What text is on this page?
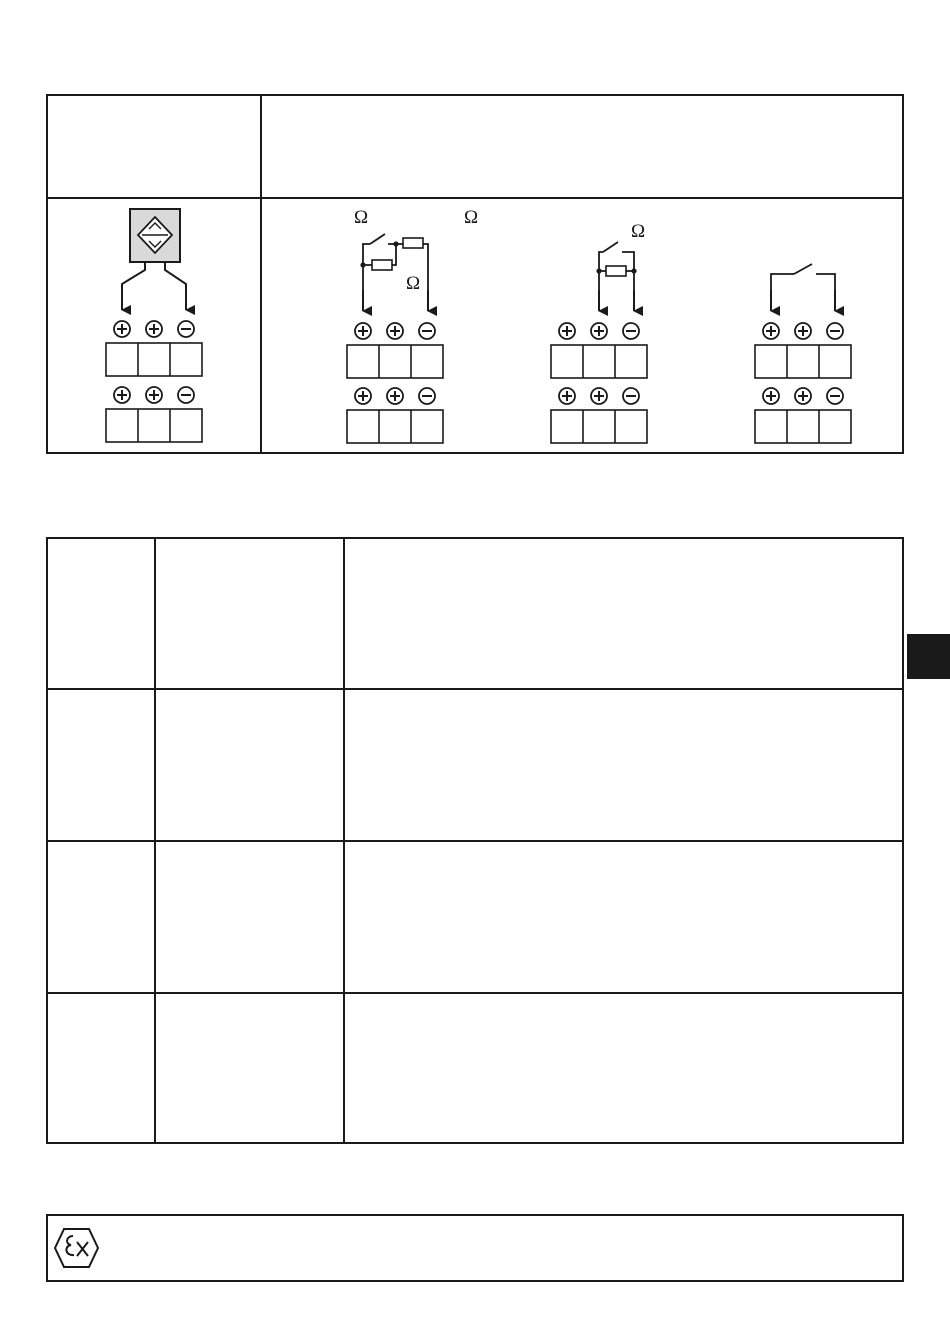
Ω	Ω
Ω
Ω
